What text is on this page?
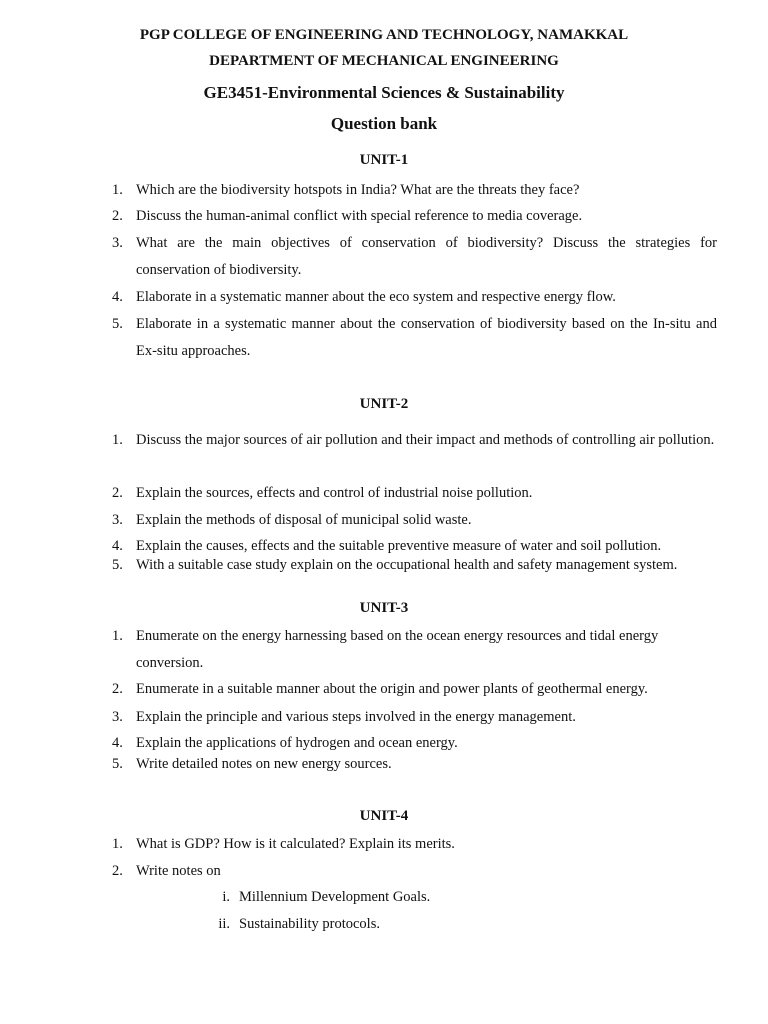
PGP COLLEGE OF ENGINEERING AND TECHNOLOGY, NAMAKKAL
DEPARTMENT OF MECHANICAL ENGINEERING
GE3451-Environmental Sciences & Sustainability
Question bank
UNIT-1
1. Which are the biodiversity hotspots in India? What are the threats they face?
2. Discuss the human-animal conflict with special reference to media coverage.
3. What are the main objectives of conservation of biodiversity? Discuss the strategies for conservation of biodiversity.
4. Elaborate in a systematic manner about the eco system and respective energy flow.
5. Elaborate in a systematic manner about the conservation of biodiversity based on the In-situ and Ex-situ approaches.
UNIT-2
1. Discuss the major sources of air pollution and their impact and methods of controlling air pollution.
2. Explain the sources, effects and control of industrial noise pollution.
3. Explain the methods of disposal of municipal solid waste.
4. Explain the causes, effects and the suitable preventive measure of water and soil pollution.
5. With a suitable case study explain on the occupational health and safety management system.
UNIT-3
1. Enumerate on the energy harnessing based on the ocean energy resources and tidal energy conversion.
2. Enumerate in a suitable manner about the origin and power plants of geothermal energy.
3. Explain the principle and various steps involved in the energy management.
4. Explain the applications of hydrogen and ocean energy.
5. Write detailed notes on new energy sources.
UNIT-4
1. What is GDP? How is it calculated? Explain its merits.
2. Write notes on
i. Millennium Development Goals.
ii. Sustainability protocols.
